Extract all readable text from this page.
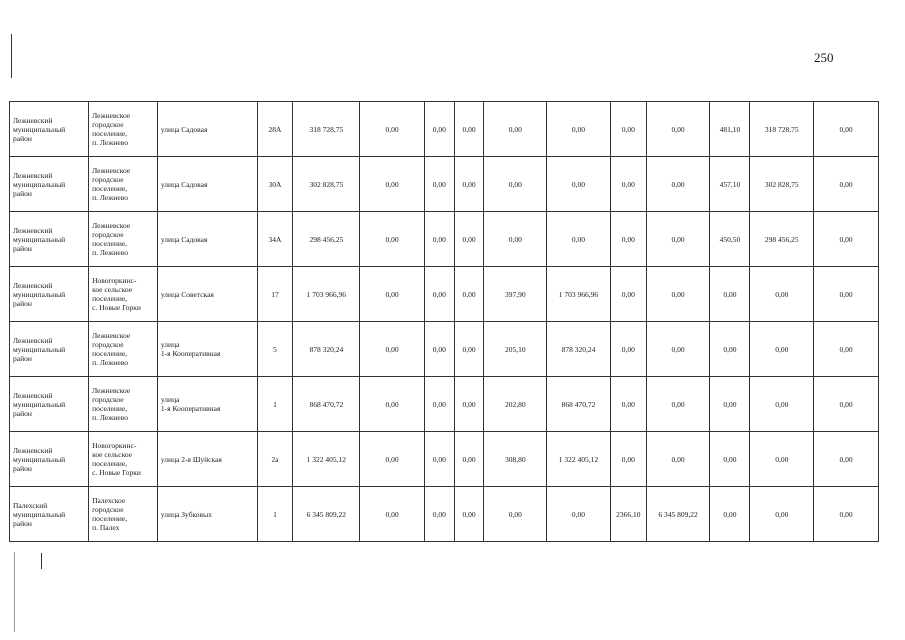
250
Лежневский
муниципальный
район	Лежневское
городское
поселение,
п. Лежнево	улица Садовая	28А	318 728,75	0,00	0,00	0,00	0,00	0,00	0,00	0,00	481,10	318 728,75	0,00

Лежневский
муниципальный
район	Лежневское
городское
поселение,
п. Лежнево	улица Садовая	30А	302 828,75	0,00	0,00	0,00	0,00	0,00	0,00	0,00	457,10	302 828,75	0,00

Лежневский
муниципальный
район	Лежневское
городское
поселение,
п. Лежнево	улица Садовая	34А	298 456,25	0,00	0,00	0,00	0,00	0,00	0,00	0,00	450,50	298 456,25	0,00

Лежневский
муниципальный
район	Новогоркинс-
кое сельское
поселение,
с. Новые Горки	улица Советская	17	1 703 966,96	0,00	0,00	0,00	397,90	1 703 966,96	0,00	0,00	0,00	0,00	0,00

Лежневский
муниципальный
район	Лежневское
городское
поселение,
п. Лежнево	улица
1-я Кооперативная	5	878 320,24	0,00	0,00	0,00	205,10	878 320,24	0,00	0,00	0,00	0,00	0,00

Лежневский
муниципальный
район	Лежневское
городское
поселение,
п. Лежнево	улица
1-я Кооперативная	1	868 470,72	0,00	0,00	0,00	202,80	868 470,72	0,00	0,00	0,00	0,00	0,00

Лежневский
муниципальный
район	Новогоркинс-
кое сельское
поселение,
с. Новые Горки	улица 2-я Шуйская	2а	1 322 405,12	0,00	0,00	0,00	308,80	1 322 405,12	0,00	0,00	0,00	0,00	0,00

Палехский
муниципальный
район	Палехское
городское
поселение,
п. Палех	улица Зубковых	1	6 345 809,22	0,00	0,00	0,00	0,00	0,00	2366,10	6 345 809,22	0,00	0,00	0,00
